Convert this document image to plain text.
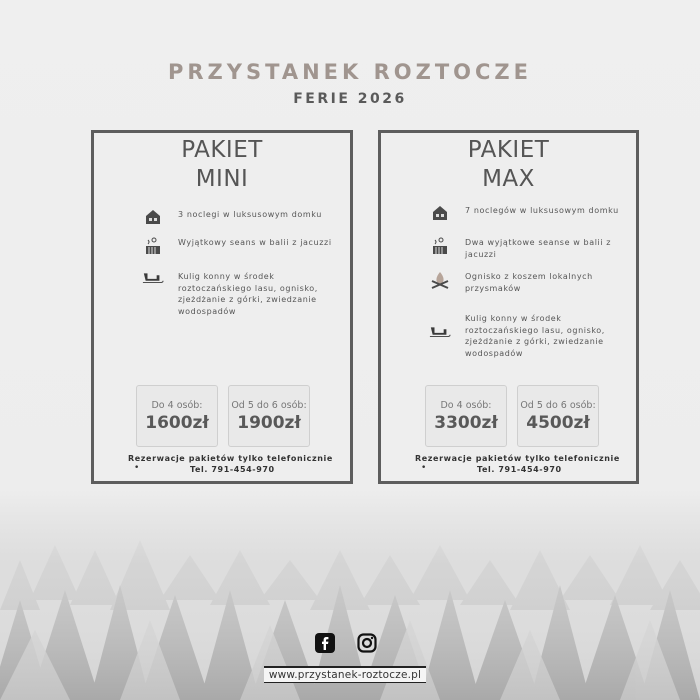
PRZYSTANEK ROZTOCZE
FERIE 2026
PAKIET
MINI
3 noclegi w luksusowym domku
Wyjątkowy seans w balii z jacuzzi
Kulig konny w środek roztoczańskiego lasu, ognisko, zjeżdżanie z górki, zwiedzanie wodospadów
Do 4 osób:
1600zł
Od 5 do 6 osób:
1900zł
Rezerwacje pakietów tylko telefonicznie
•	Tel. 791-454-970
PAKIET
MAX
7 noclegów w luksusowym domku
Dwa wyjątkowe seanse w balii z jacuzzi
Ognisko z koszem lokalnych przysmaków
Kulig konny w środek roztoczańskiego lasu, ognisko, zjeżdżanie z górki, zwiedzanie wodospadów
Do 4 osób:
3300zł
Od 5 do 6 osób:
4500zł
Rezerwacje pakietów tylko telefonicznie
•	Tel. 791-454-970
www.przystanek-roztocze.pl
